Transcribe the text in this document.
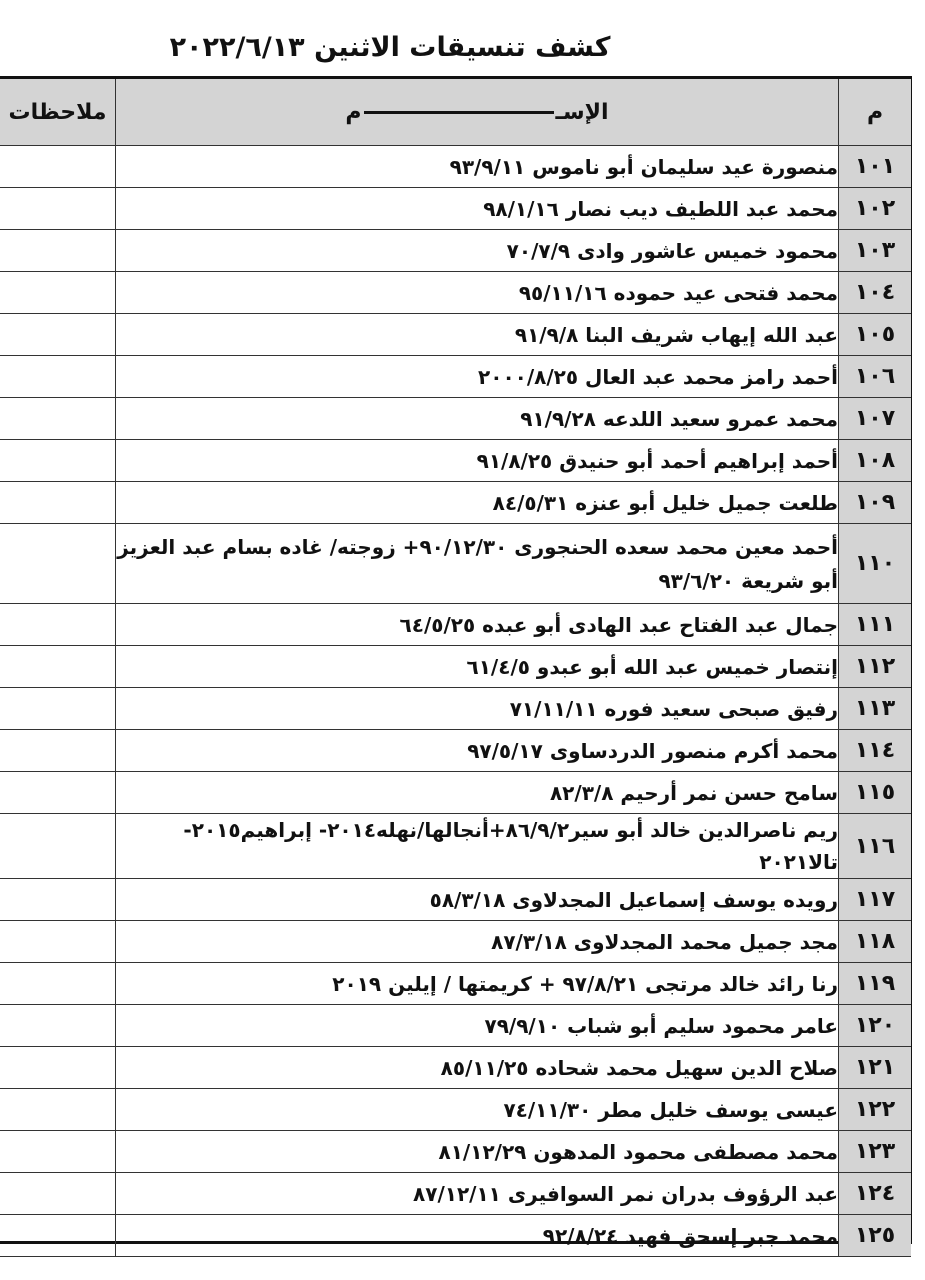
كشف تنسيقات الاثنين ٢٠٢٢/٦/١٣
م	الإسـم	ملاحظات
١٠١	منصورة عيد سليمان أبو ناموس ٩٣/٩/١١	
١٠٢	محمد عبد اللطيف ديب نصار ٩٨/١/١٦	
١٠٣	محمود خميس عاشور وادى ٧٠/٧/٩	
١٠٤	محمد فتحى عيد حموده ٩٥/١١/١٦	
١٠٥	عبد الله إيهاب شريف البنا ٩١/٩/٨	
١٠٦	أحمد رامز محمد عبد العال ٢٠٠٠/٨/٢٥	
١٠٧	محمد عمرو سعيد اللدعه ٩١/٩/٢٨	
١٠٨	أحمد إبراهيم أحمد أبو حنيدق ٩١/٨/٢٥	
١٠٩	طلعت جميل خليل أبو عنزه ٨٤/٥/٣١	
١١٠	أحمد معين محمد سعده الحنجورى ٩٠/١٢/٣٠+ زوجته/ غاده بسام عبد العزيز أبو شريعة ٩٣/٦/٢٠	
١١١	جمال عبد الفتاح عبد الهادى أبو عبده ٦٤/٥/٢٥	
١١٢	إنتصار خميس عبد الله أبو عبدو ٦١/٤/٥	
١١٣	رفيق صبحى سعيد فوره ٧١/١١/١١	
١١٤	محمد أكرم منصور الدردساوى ٩٧/٥/١٧	
١١٥	سامح حسن نمر أرحيم ٨٢/٣/٨	
١١٦	ريم ناصرالدين خالد أبو سير٨٦/٩/٢+أنجالها/نهله٢٠١٤- إبراهيم٢٠١٥- تالا٢٠٢١	
١١٧	رويده يوسف إسماعيل المجدلاوى ٥٨/٣/١٨	
١١٨	مجد جميل محمد المجدلاوى ٨٧/٣/١٨	
١١٩	رنا رائد خالد مرتجى ٩٧/٨/٢١ + كريمتها / إيلين ٢٠١٩	
١٢٠	عامر محمود سليم أبو شباب ٧٩/٩/١٠	
١٢١	صلاح الدين سهيل محمد شحاده ٨٥/١١/٢٥	
١٢٢	عيسى يوسف خليل مطر ٧٤/١١/٣٠	
١٢٣	محمد مصطفى محمود المدهون ٨١/١٢/٢٩	
١٢٤	عبد الرؤوف بدران نمر السوافيرى ٨٧/١٢/١١	
١٢٥	محمد جبر إسحق فهيد ٩٢/٨/٢٤	
